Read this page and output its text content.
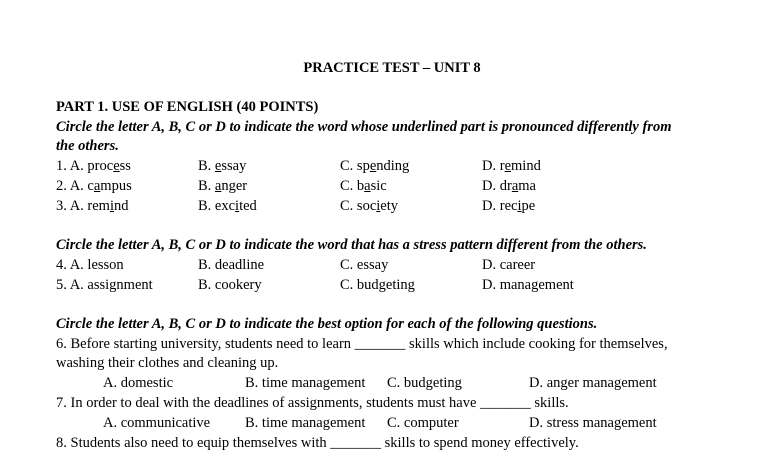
PRACTICE TEST – UNIT 8
PART 1. USE OF ENGLISH (40 POINTS)
Circle the letter A, B, C or D to indicate the word whose underlined part is pronounced differently from
the others.
1. A. process	B. essay	C. spending	D. remind
2. A. campus	B. anger	C. basic	D. drama
3. A. remind	B. excited	C. society	D. recipe
Circle the letter A, B, C or D to indicate the word that has a stress pattern different from the others.
4. A. lesson	B. deadline	C. essay	D. career
5. A. assignment	B. cookery	C. budgeting	D. management
Circle the letter A, B, C or D to indicate the best option for each of the following questions.
6. Before starting university, students need to learn _______ skills which include cooking for themselves,
washing their clothes and cleaning up.
A. domestic	B. time management C. budgeting	D. anger management
7. In order to deal with the deadlines of assignments, students must have _______ skills.
A. communicative B. time management C. computer	D. stress management
8. Students also need to equip themselves with _______ skills to spend money effectively.
